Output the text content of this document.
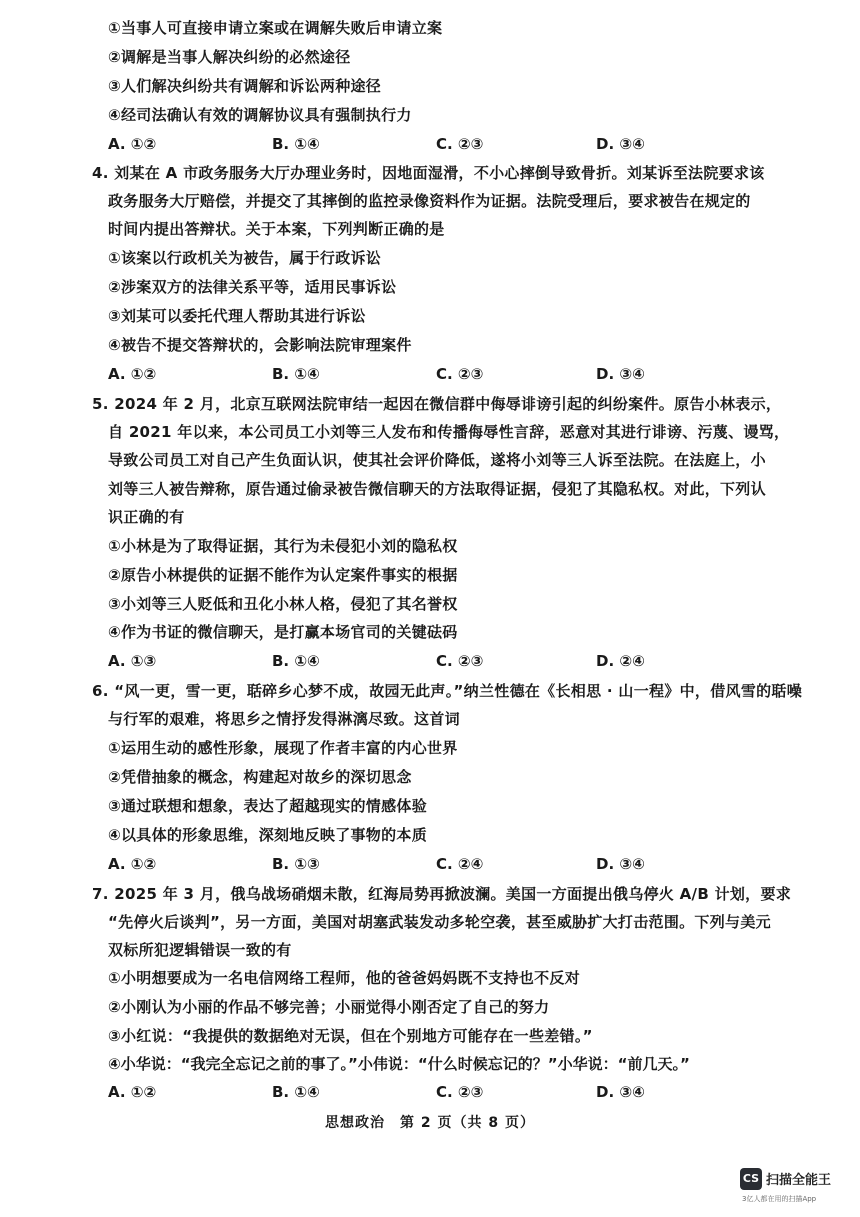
①当事人可直接申请立案或在调解失败后申请立案
②调解是当事人解决纠纷的必然途径
③人们解决纠纷共有调解和诉讼两种途径
④经司法确认有效的调解协议具有强制执行力
A. ①②	B. ①④	C. ②③	D. ③④
4. 刘某在 A 市政务服务大厅办理业务时，因地面湿滑，不小心摔倒导致骨折。刘某诉至法院要求该
政务服务大厅赔偿，并提交了其摔倒的监控录像资料作为证据。法院受理后，要求被告在规定的
时间内提出答辩状。关于本案，下列判断正确的是
①该案以行政机关为被告，属于行政诉讼
②涉案双方的法律关系平等，适用民事诉讼
③刘某可以委托代理人帮助其进行诉讼
④被告不提交答辩状的，会影响法院审理案件
A. ①②	B. ①④	C. ②③	D. ③④
5. 2024 年 2 月，北京互联网法院审结一起因在微信群中侮辱诽谤引起的纠纷案件。原告小林表示，
自 2021 年以来，本公司员工小刘等三人发布和传播侮辱性言辞，恶意对其进行诽谤、污蔑、谩骂，
导致公司员工对自己产生负面认识，使其社会评价降低，遂将小刘等三人诉至法院。在法庭上，小
刘等三人被告辩称，原告通过偷录被告微信聊天的方法取得证据，侵犯了其隐私权。对此，下列认
识正确的有
①小林是为了取得证据，其行为未侵犯小刘的隐私权
②原告小林提供的证据不能作为认定案件事实的根据
③小刘等三人贬低和丑化小林人格，侵犯了其名誉权
④作为书证的微信聊天，是打赢本场官司的关键砝码
A. ①③	B. ①④	C. ②③	D. ②④
6. “风一更，雪一更，聒碎乡心梦不成，故园无此声。”纳兰性德在《长相思 · 山一程》中，借风雪的聒噪
与行军的艰难，将思乡之情抒发得淋漓尽致。这首词
①运用生动的感性形象，展现了作者丰富的内心世界
②凭借抽象的概念，构建起对故乡的深切思念
③通过联想和想象，表达了超越现实的情感体验
④以具体的形象思维，深刻地反映了事物的本质
A. ①②	B. ①③	C. ②④	D. ③④
7. 2025 年 3 月，俄乌战场硝烟未散，红海局势再掀波澜。美国一方面提出俄乌停火 A/B 计划，要求
“先停火后谈判”，另一方面，美国对胡塞武装发动多轮空袭，甚至威胁扩大打击范围。下列与美元
双标所犯逻辑错误一致的有
①小明想要成为一名电信网络工程师，他的爸爸妈妈既不支持也不反对
②小刚认为小丽的作品不够完善；小丽觉得小刚否定了自己的努力
③小红说：“我提供的数据绝对无误，但在个别地方可能存在一些差错。”
④小华说：“我完全忘记之前的事了。”小伟说：“什么时候忘记的？”小华说：“前几天。”
A. ①②	B. ①④	C. ②③	D. ③④
思想政治　第 2 页（共 8 页）
CS 扫描全能王
3亿人都在用的扫描App
